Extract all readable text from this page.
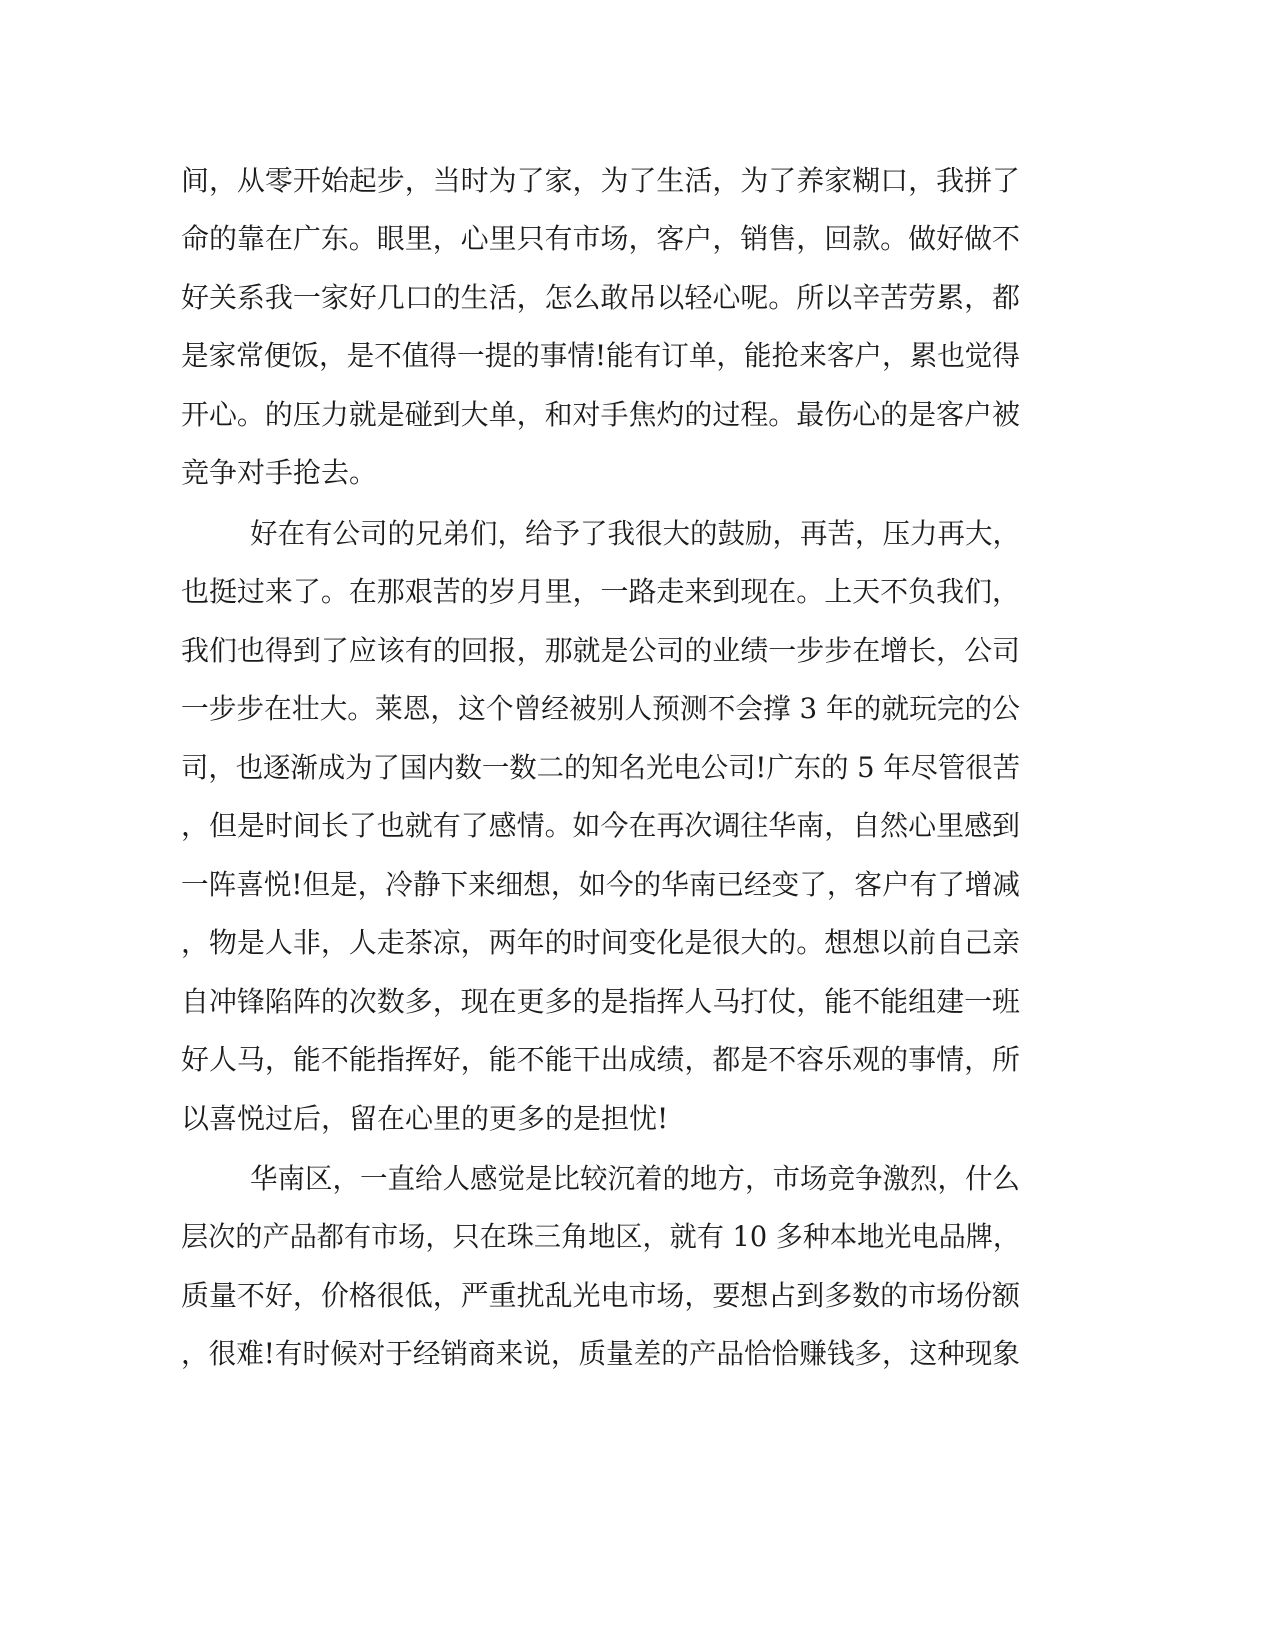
间，从零开始起步，当时为了家，为了生活，为了养家糊口，我拼了

命的靠在广东。眼里，心里只有市场，客户，销售，回款。做好做不

好关系我一家好几口的生活，怎么敢吊以轻心呢。所以辛苦劳累，都

是家常便饭，是不值得一提的事情!能有订单，能抢来客户，累也觉得

开心。的压力就是碰到大单，和对手焦灼的过程。最伤心的是客户被

竞争对手抢去。

好在有公司的兄弟们，给予了我很大的鼓励，再苦，压力再大，

也挺过来了。在那艰苦的岁月里，一路走来到现在。上天不负我们，

我们也得到了应该有的回报，那就是公司的业绩一步步在增长，公司

一步步在壮大。莱恩，这个曾经被别人预测不会撑 3 年的就玩完的公

司，也逐渐成为了国内数一数二的知名光电公司!广东的 5 年尽管很苦

，但是时间长了也就有了感情。如今在再次调往华南，自然心里感到

一阵喜悦!但是，冷静下来细想，如今的华南已经变了，客户有了增减

，物是人非，人走茶凉，两年的时间变化是很大的。想想以前自己亲

自冲锋陷阵的次数多，现在更多的是指挥人马打仗，能不能组建一班

好人马，能不能指挥好，能不能干出成绩，都是不容乐观的事情，所

以喜悦过后，留在心里的更多的是担忧!

华南区，一直给人感觉是比较沉着的地方，市场竞争激烈，什么

层次的产品都有市场，只在珠三角地区，就有 10 多种本地光电品牌，

质量不好，价格很低，严重扰乱光电市场，要想占到多数的市场份额

，很难!有时候对于经销商来说，质量差的产品恰恰赚钱多，这种现象
